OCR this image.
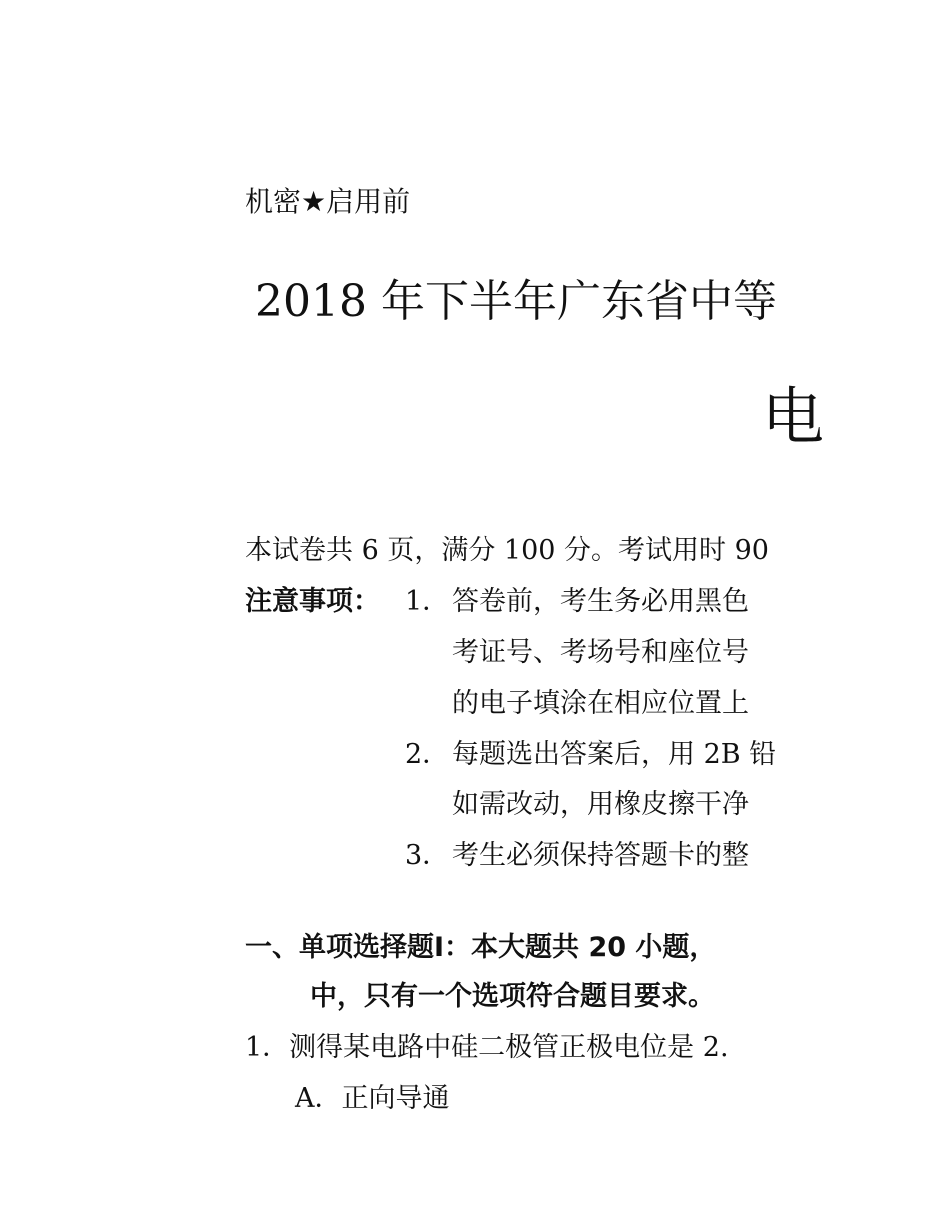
机密★启用前
2018 年下半年广东省中等
电
本试卷共 6 页，满分 100 分。考试用时 90
注意事项： 1． 答卷前，考生务必用黑色
考证号、考场号和座位号
的电子填涂在相应位置上
2． 每题选出答案后，用 2B 铅
如需改动，用橡皮擦干净
3． 考生必须保持答题卡的整
一、单项选择题Ⅰ：本大题共 20 小题，
中，只有一个选项符合题目要求。
1．测得某电路中硅二极管正极电位是 2.
A．正向导通
